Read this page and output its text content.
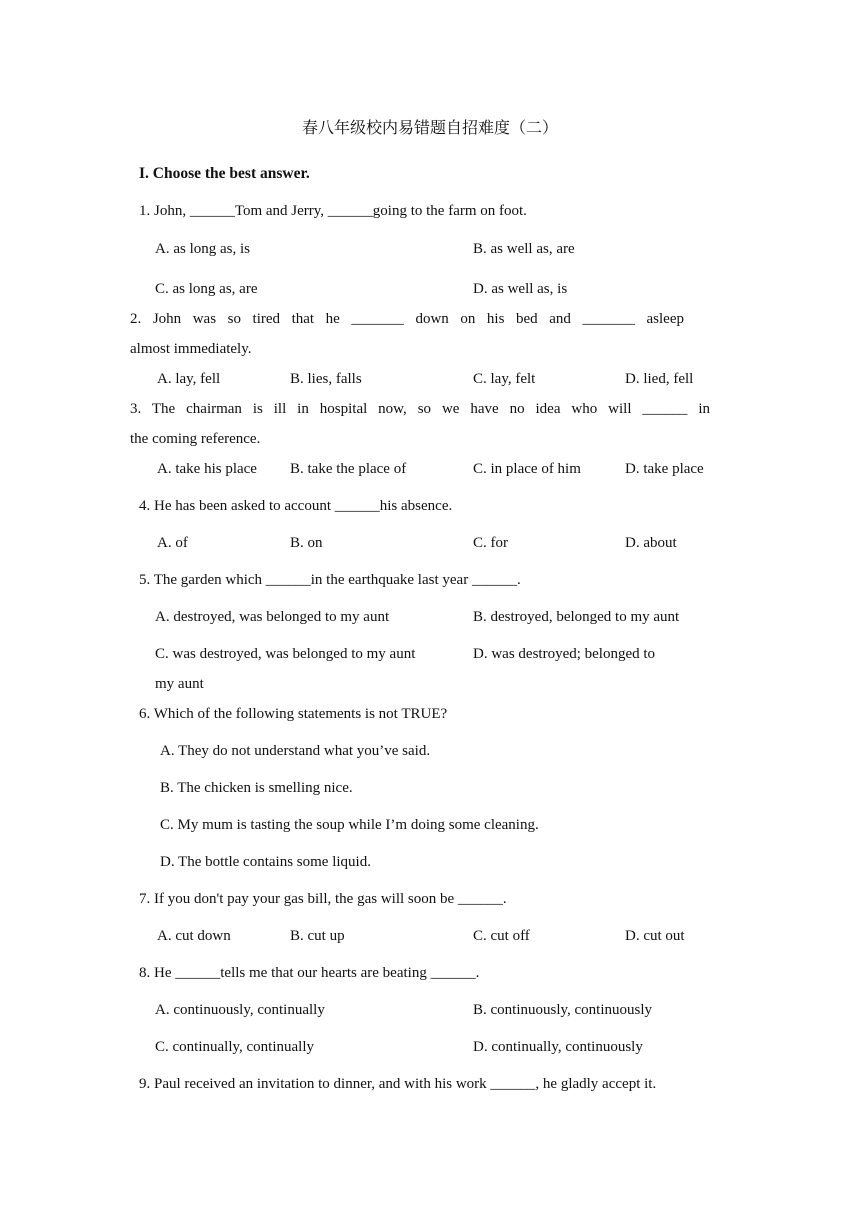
春八年级校内易错题自招难度（二）
I. Choose the best answer.
1. John, ______Tom and Jerry, ______going to the farm on foot.
A. as long as, is	B. as well as, are
C. as long as, are	D. as well as, is
2. John was so tired that he _______ down on his bed and _______ asleep
almost immediately.
A. lay, fell	B. lies, falls	C. lay, felt	D. lied, fell
3. The chairman is ill in hospital now, so we have no idea who will ______ in
the coming reference.
A. take his place B. take the place of	C. in place of him	D. take place
4. He has been asked to account ______his absence.
A. of	B. on	C. for	D. about
5. The garden which ______in the earthquake last year ______.
A. destroyed, was belonged to my aunt	B. destroyed, belonged to my aunt
C. was destroyed, was belonged to my aunt	D. was destroyed; belonged to
my aunt
6. Which of the following statements is not TRUE?
A. They do not understand what you’ve said.
B. The chicken is smelling nice.
C. My mum is tasting the soup while I’m doing some cleaning.
D. The bottle contains some liquid.
7. If you don't pay your gas bill, the gas will soon be ______.
A. cut down	B. cut up	C. cut off	D. cut out
8. He ______tells me that our hearts are beating ______.
A. continuously, continually	B. continuously, continuously
C. continually, continually	D. continually, continuously
9. Paul received an invitation to dinner, and with his work ______, he gladly accept it.
